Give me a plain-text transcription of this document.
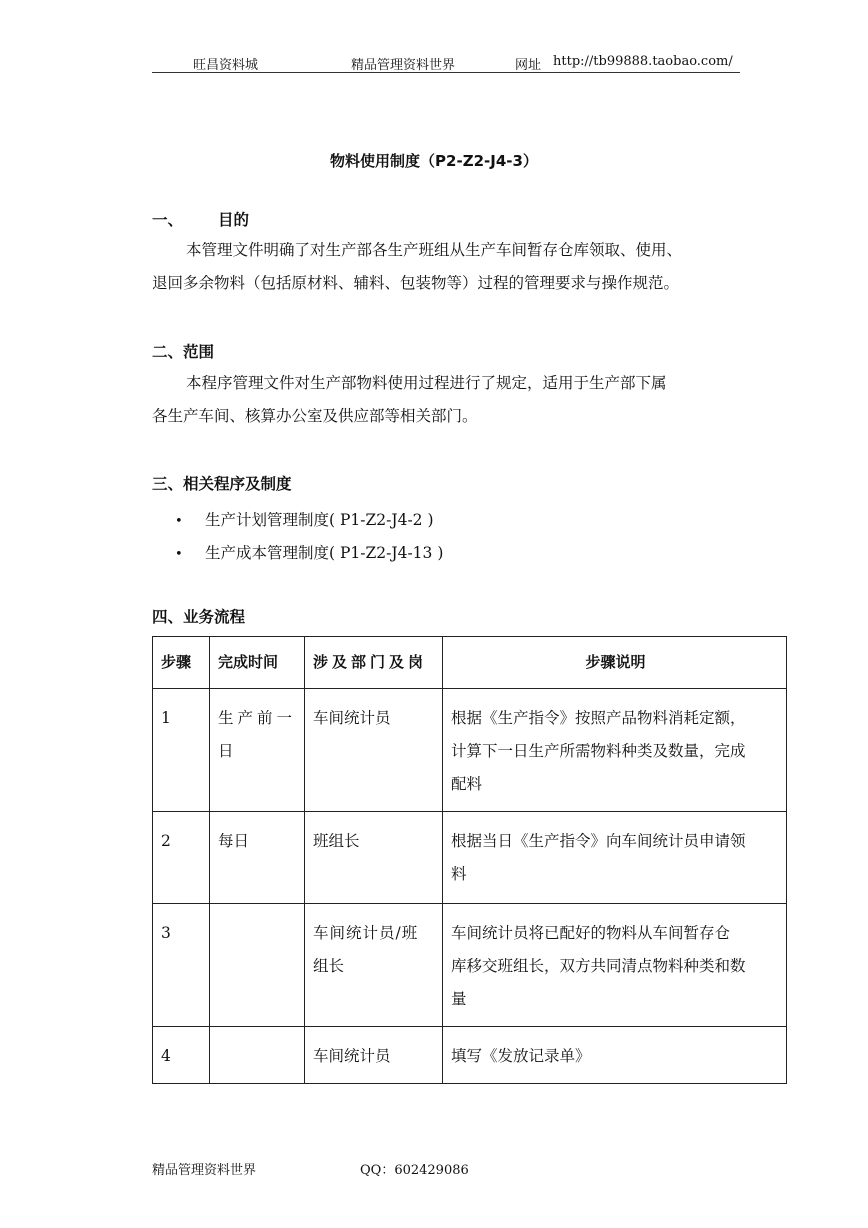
旺昌资料城	精品管理资料世界	网址 http://tb99888.taobao.com/
物料使用制度（P2-Z2-J4-3）
一、 目的
本管理文件明确了对生产部各生产班组从生产车间暂存仓库领取、使用、
退回多余物料（包括原材料、辅料、包装物等）过程的管理要求与操作规范。
二、范围
本程序管理文件对生产部物料使用过程进行了规定，适用于生产部下属
各生产车间、核算办公室及供应部等相关部门。
三、相关程序及制度
• 生产计划管理制度( P1-Z2-J4-2 )
• 生产成本管理制度( P1-Z2-J4-13 )
四、业务流程
步骤	完成时间	涉及部门及岗	步骤说明

1	生产前一
日	车间统计员	根据《生产指令》按照产品物料消耗定额，
计算下一日生产所需物料种类及数量，完成
配料

2	每日	班组长	根据当日《生产指令》向车间统计员申请领
料

3		车间统计员/班
组长	车间统计员将已配好的物料从车间暂存仓
库移交班组长，双方共同清点物料种类和数
量

4		车间统计员	填写《发放记录单》
精品管理资料世界	QQ：602429086
